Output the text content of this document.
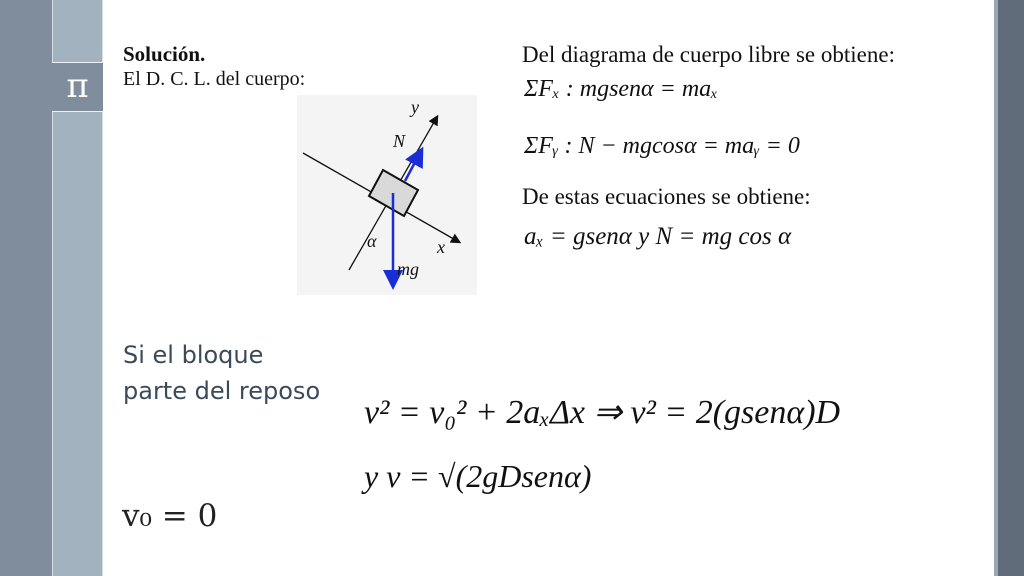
π
Solución.
El D. C. L. del cuerpo:
y
N
x
α
mg
Del diagrama de cuerpo libre se obtiene:
ΣFₓ : mgsenα = maₓ
ΣFᵧ : N − mgcosα = maᵧ = 0
De estas ecuaciones se obtiene:
aₓ = gsenα y N = mg cos α
Si el bloque parte del reposo
v₀ = 0
v² = v₀² + 2aₓΔx ⇒ v² = 2(gsenα)D
y v = √(2gDsenα)
